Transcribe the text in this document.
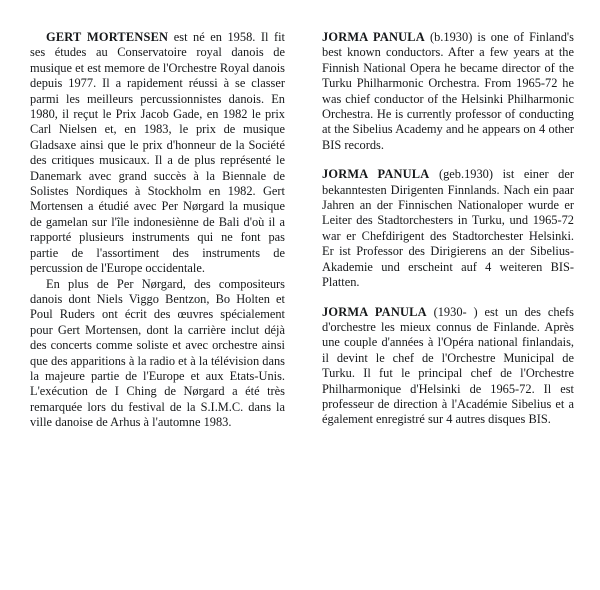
GERT MORTENSEN est né en 1958. Il fit ses études au Conservatoire royal danois de musique et est memore de l'Orchestre Royal danois depuis 1977. Il a rapidement réussi à se classer parmi les meilleurs percussionnistes danois. En 1980, il reçut le Prix Jacob Gade, en 1982 le prix Carl Nielsen et, en 1983, le prix de musique Gladsaxe ainsi que le prix d'honneur de la Société des critiques musicaux. Il a de plus représenté le Danemark avec grand succès à la Biennale de Solistes Nordiques à Stockholm en 1982. Gert Mortensen a étudié avec Per Nørgard la musique de gamelan sur l'île indonesiènne de Bali d'où il a rapporté plusieurs instruments qui ne font pas partie de l'assortiment des instruments de percussion de l'Europe occidentale.

En plus de Per Nørgard, des compositeurs danois dont Niels Viggo Bentzon, Bo Holten et Poul Ruders ont écrit des œuvres spécialement pour Gert Mortensen, dont la carrière inclut déjà des concerts comme soliste et avec orchestre ainsi que des apparitions à la radio et à la télévision dans la majeure partie de l'Europe et aux Etats-Unis. L'exécution de I Ching de Nørgard a été très remarquée lors du festival de la S.I.M.C. dans la ville danoise de Arhus à l'automne 1983.

JORMA PANULA (b.1930) is one of Finland's best known conductors. After a few years at the Finnish National Opera he became director of the Turku Philharmonic Orchestra. From 1965-72 he was chief conductor of the Helsinki Philharmonic Orchestra. He is currently professor of conducting at the Sibelius Academy and he appears on 4 other BIS records.

JORMA PANULA (geb.1930) ist einer der bekanntesten Dirigenten Finnlands. Nach ein paar Jahren an der Finnischen Nationaloper wurde er Leiter des Stadtorchesters in Turku, und 1965-72 war er Chefdirigent des Stadtorchester Helsinki. Er ist Professor des Dirigierens an der Sibelius-Akademie und erscheint auf 4 weiteren BIS-Platten.

JORMA PANULA (1930- ) est un des chefs d'orchestre les mieux connus de Finlande. Après une couple d'années à l'Opéra national finlandais, il devint le chef de l'Orchestre Municipal de Turku. Il fut le principal chef de l'Orchestre Philharmonique d'Helsinki de 1965-72. Il est professeur de direction à l'Académie Sibelius et a également enregistré sur 4 autres disques BIS.
